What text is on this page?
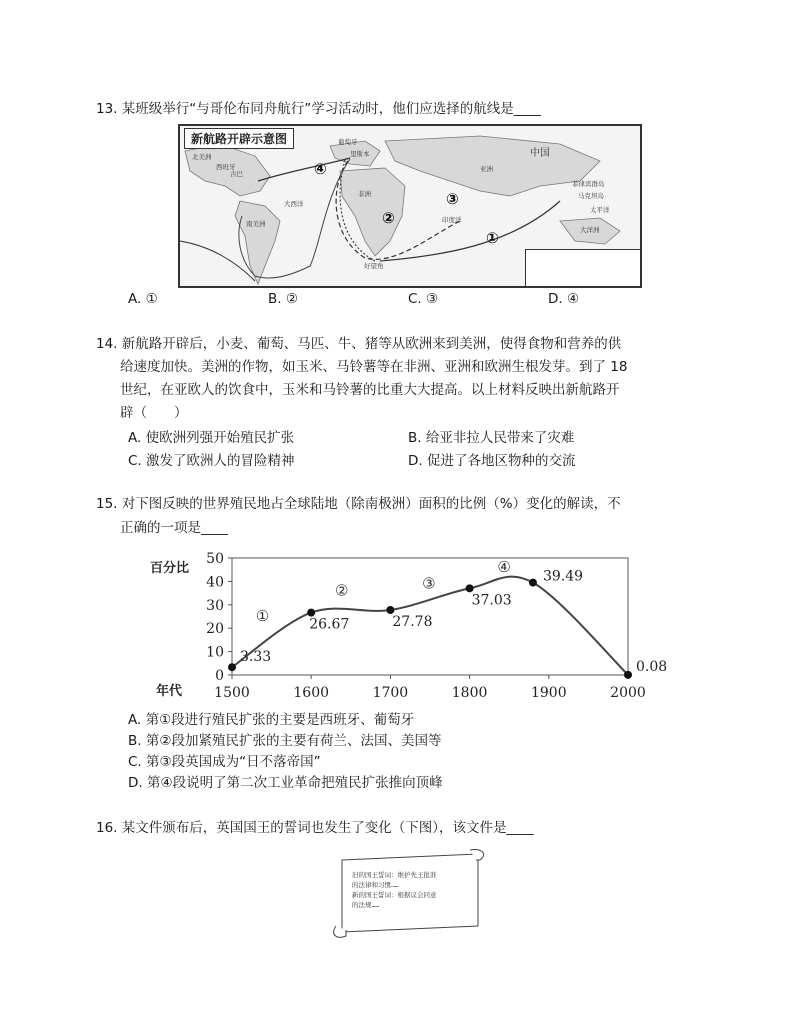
13. 某班级举行“与哥伦布同舟航行”学习活动时，他们应选择的航线是____
④
②
③
①
北美洲
西班牙
葡萄牙
里斯本
古巴
大西洋
南美洲
非洲
好望角
印度洋
中国
菲律宾群岛
马克坦岛
亚洲
大洋洲
太平洋
新航路开辟示意图
A. ①	B. ②	C. ③	D. ④
14. 新航路开辟后，小麦、葡萄、马匹、牛、猪等从欧洲来到美洲，使得食物和营养的供
给速度加快。美洲的作物，如玉米、马铃薯等在非洲、亚洲和欧洲生根发芽。到了 18
世纪，在亚欧人的饮食中，玉米和马铃薯的比重大大提高。以上材料反映出新航路开
辟（　　）
A. 使欧洲列强开始殖民扩张	B. 给亚非拉人民带来了灾难
C. 激发了欧洲人的冒险精神	D. 促进了各地区物种的交流
15. 对下图反映的世界殖民地占全球陆地（除南极洲）面积的比例（%）变化的解读，不
正确的一项是____
0
10
20
30
40
50
1500	1600	1700	1800	1900	2000
3.33
26.67	27.78
37.03
39.49
0.08
①
②	③
④
百分比
年代
A. 第①段进行殖民扩张的主要是西班牙、葡萄牙
B. 第②段加紧殖民扩张的主要有荷兰、法国、美国等
C. 第③段英国成为“日不落帝国”
D. 第④段说明了第二次工业革命把殖民扩张推向顶峰
16. 某文件颁布后，英国国王的誓词也发生了变化（下图），该文件是____
旧的国王誓词：维护先王批准
的法律和习惯……
新的国王誓词：根据议会同意
的法规……
